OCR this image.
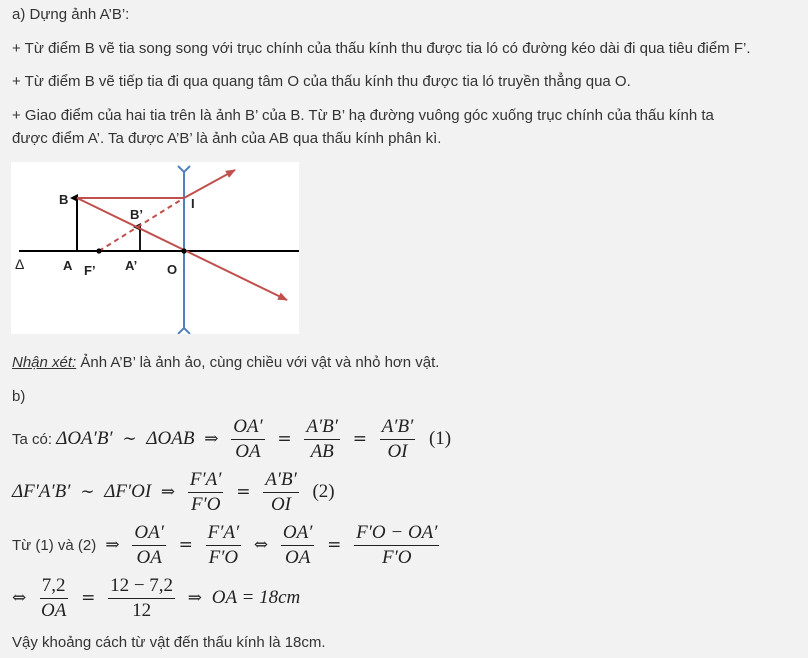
a) Dựng ảnh A’B’:
+ Từ điểm B vẽ tia song song với trục chính của thấu kính thu được tia ló có đường kéo dài đi qua tiêu điểm F’.
+ Từ điểm B vẽ tiếp tia đi qua quang tâm O của thấu kính thu được tia ló truyền thẳng qua O.
+ Giao điểm của hai tia trên là ảnh B’ của B. Từ B’ hạ đường vuông góc xuống trục chính của thấu kính ta
được điểm A’. Ta được A’B’ là ảnh của AB qua thấu kính phân kì.
B
B’
I
Δ	A F’ A’ O
Nhận xét: Ảnh A’B’ là ảnh ảo, cùng chiều với vật và nhỏ hơn vật.
b)
Ta có: ΔOA′B′ ∼ ΔOAB ⇒ $\frac{OA'}{OA} = \frac{A'B'}{AB} = \frac{A'B'}{OI} (1)$
ΔF′A′B′ ∼ ΔF′OI ⇒ $\frac{F'A'}{F'O} = \frac{A'B'}{OI} (2)$
Từ (1) và (2) ⇒ $\frac{OA'}{OA} = \frac{F'A'}{F'O}$ ⇔ $\frac{OA'}{OA} = \frac{F'O - OA'}{F'O}$
⇔ $\frac{7,2}{OA} = \frac{12 - 7,2}{12}$ ⇒ OA = 18cm
Vậy khoảng cách từ vật đến thấu kính là 18cm.
